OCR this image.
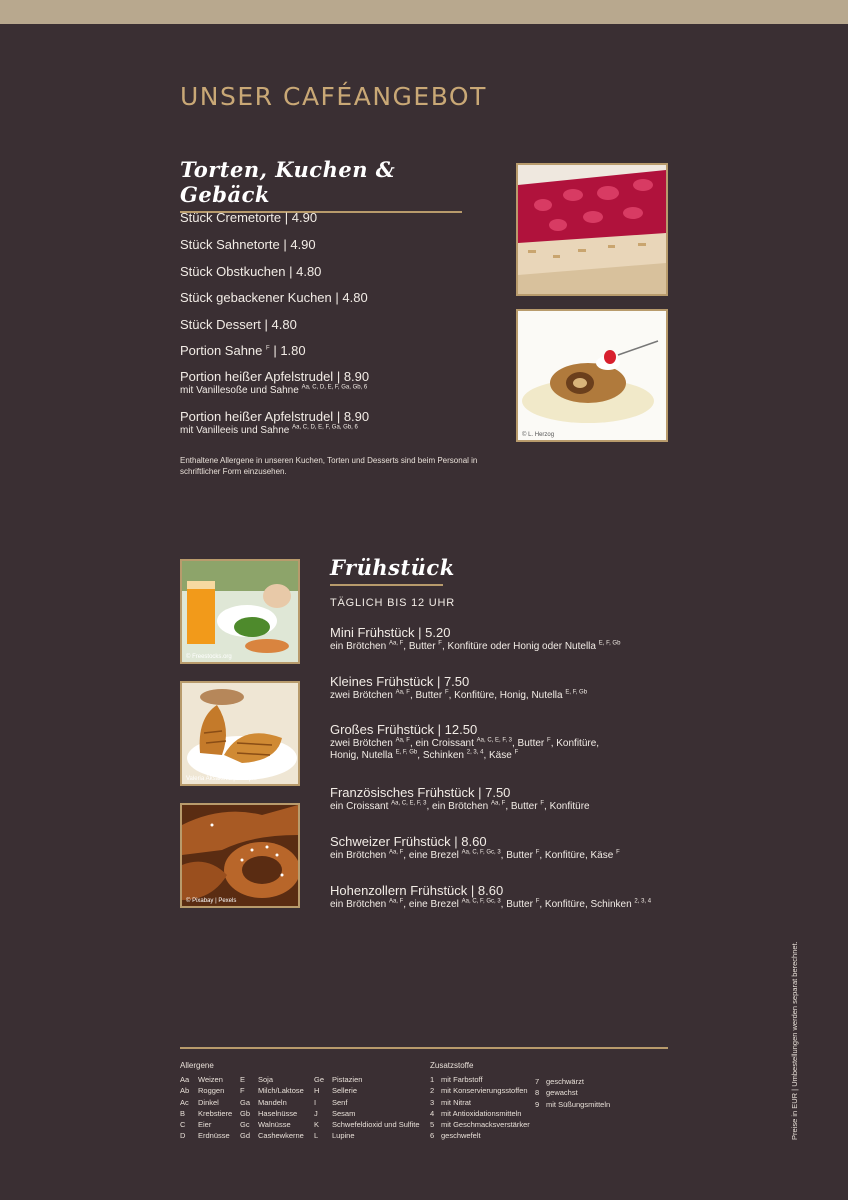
UNSER CAFÉANGEBOT
Torten, Kuchen & Gebäck
Stück Cremetorte | 4.90
Stück Sahnetorte | 4.90
Stück Obstkuchen | 4.80
Stück gebackener Kuchen | 4.80
Stück Dessert | 4.80
Portion Sahne $^F$ | 1.80
Portion heißer Apfelstrudel | 8.90
mit Vanillesoße und Sahne $^{Aa, C, D, E, F, Ga, Gb, 6}$
Portion heißer Apfelstrudel | 8.90
mit Vanilleeis und Sahne $^{Aa, C, D, E, F, Ga, Gb, 6}$
Enthaltene Allergene in unseren Kuchen, Torten und Desserts sind beim Personal in schriftlicher Form einzusehen.
© L. Herzog
© Freestocks.org
Valeria Aksakova | Freepik
© Pixabay | Pexels
Frühstück
TÄGLICH BIS 12 UHR
Mini Frühstück | 5.20
ein Brötchen $^{Aa, F}$, Butter $^F$, Konfitüre oder Honig oder Nutella $^{E, F, Gb}$
Kleines Frühstück | 7.50
zwei Brötchen $^{Aa, F}$, Butter $^F$, Konfitüre, Honig, Nutella $^{E, F, Gb}$
Großes Frühstück | 12.50
zwei Brötchen $^{Aa, F}$, ein Croissant $^{Aa, C, E, F, 3}$, Butter $^F$, Konfitüre,
Honig, Nutella $^{E, F, Gb}$, Schinken $^{2, 3, 4}$, Käse $^F$
Französisches Frühstück | 7.50
ein Croissant $^{Aa, C, E, F, 3}$, ein Brötchen $^{Aa, F}$, Butter $^F$, Konfitüre
Schweizer Frühstück | 8.60
ein Brötchen $^{Aa, F}$, eine Brezel $^{Aa, C, F, Gc, 3}$, Butter $^F$, Konfitüre, Käse $^F$
Hohenzollern Frühstück | 8.60
ein Brötchen $^{Aa, F}$, eine Brezel $^{Aa, C, F, Gc, 3}$, Butter $^F$, Konfitüre, Schinken $^{2, 3, 4}$
Allergene
Aa Weizen
Ab Roggen
Ac Dinkel
B Krebstiere
C Eier
D Erdnüsse
E Soja
F Milch/Laktose
Ga Mandeln
Gb Haselnüsse
Gc Walnüsse
Gd Cashewkerne
Ge Pistazien
H Sellerie
I Senf
J Sesam
K Schwefeldioxid und Sulfite
L Lupine
Zusatzstoffe
1 mit Farbstoff
2 mit Konservierungsstoffen
3 mit Nitrat
4 mit Antioxidationsmitteln
5 mit Geschmacksverstärker
6 geschwefelt
7 geschwärzt
8 gewachst
9 mit Süßungsmitteln	Preise in EUR | Umbestellungen werden separat berechnet.
